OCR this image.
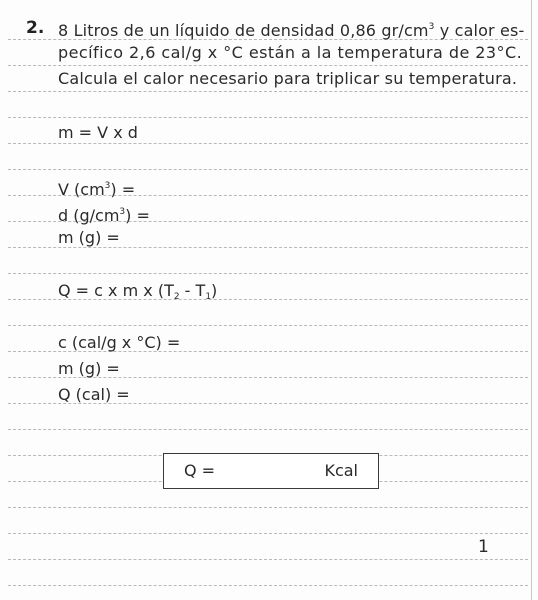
2. 8 Litros de un líquido de densidad 0,86 $gr/cm^3$ y calor es-
pecífico 2,6 cal/g x °C están a la temperatura de 23°C.
Calcula el calor necesario para triplicar su temperatura.
m = V x d
V $(cm^3)$ =
d $(g/cm^3)$ =
m (g) =
Q = c x m x $(T_2 - T_1)$
c (cal/g x °C) =
m (g) =
Q (cal) =
Q =	Kcal
1
